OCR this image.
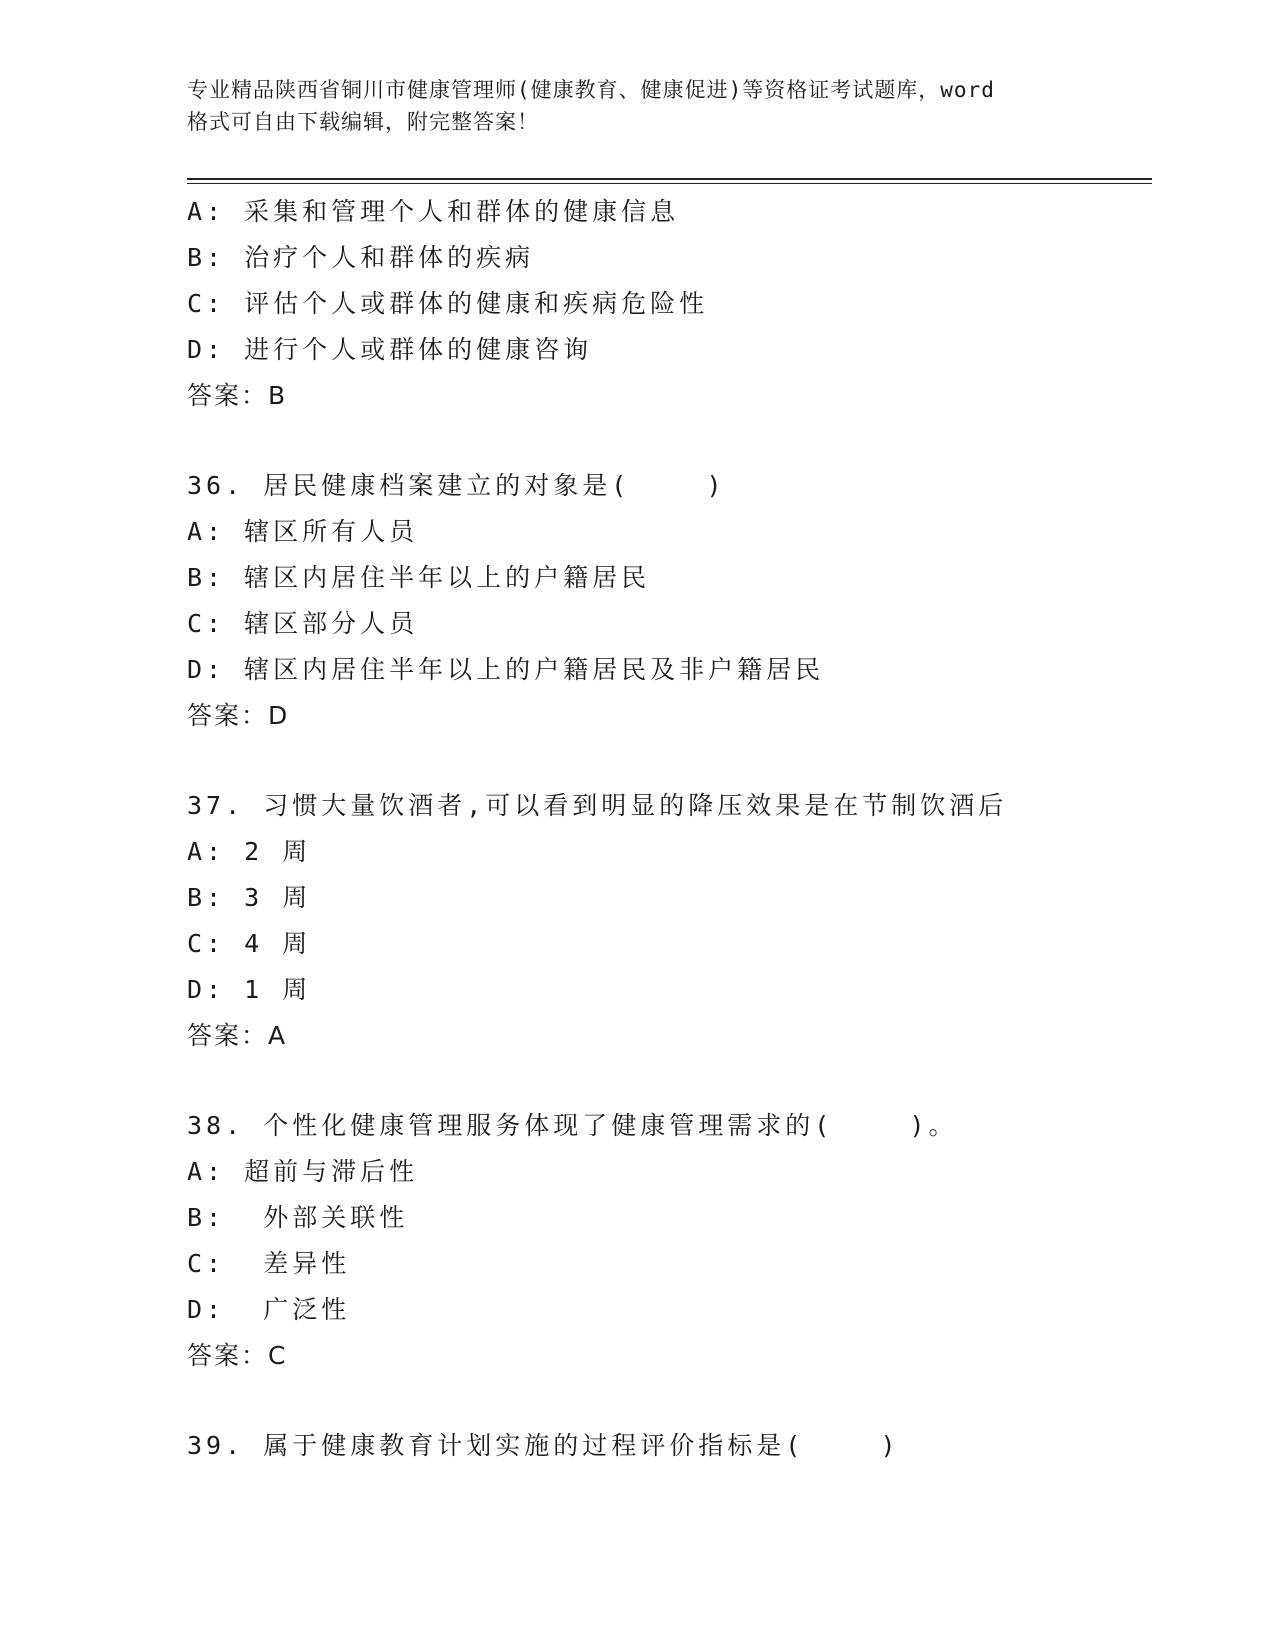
专业精品陕西省铜川市健康管理师(健康教育、健康促进)等资格证考试题库，word
格式可自由下载编辑，附完整答案！
A: 采集和管理个人和群体的健康信息
B: 治疗个人和群体的疾病
C: 评估个人或群体的健康和疾病危险性
D: 进行个人或群体的健康咨询
答案：B
36. 居民健康档案建立的对象是(    )
A: 辖区所有人员
B: 辖区内居住半年以上的户籍居民
C: 辖区部分人员
D: 辖区内居住半年以上的户籍居民及非户籍居民
答案：D
37. 习惯大量饮酒者,可以看到明显的降压效果是在节制饮酒后
A: 2 周
B: 3 周
C: 4 周
D: 1 周
答案：A
38. 个性化健康管理服务体现了健康管理需求的(    )。
A: 超前与滞后性
B:  外部关联性
C:  差异性
D:  广泛性
答案：C
39. 属于健康教育计划实施的过程评价指标是(    )
